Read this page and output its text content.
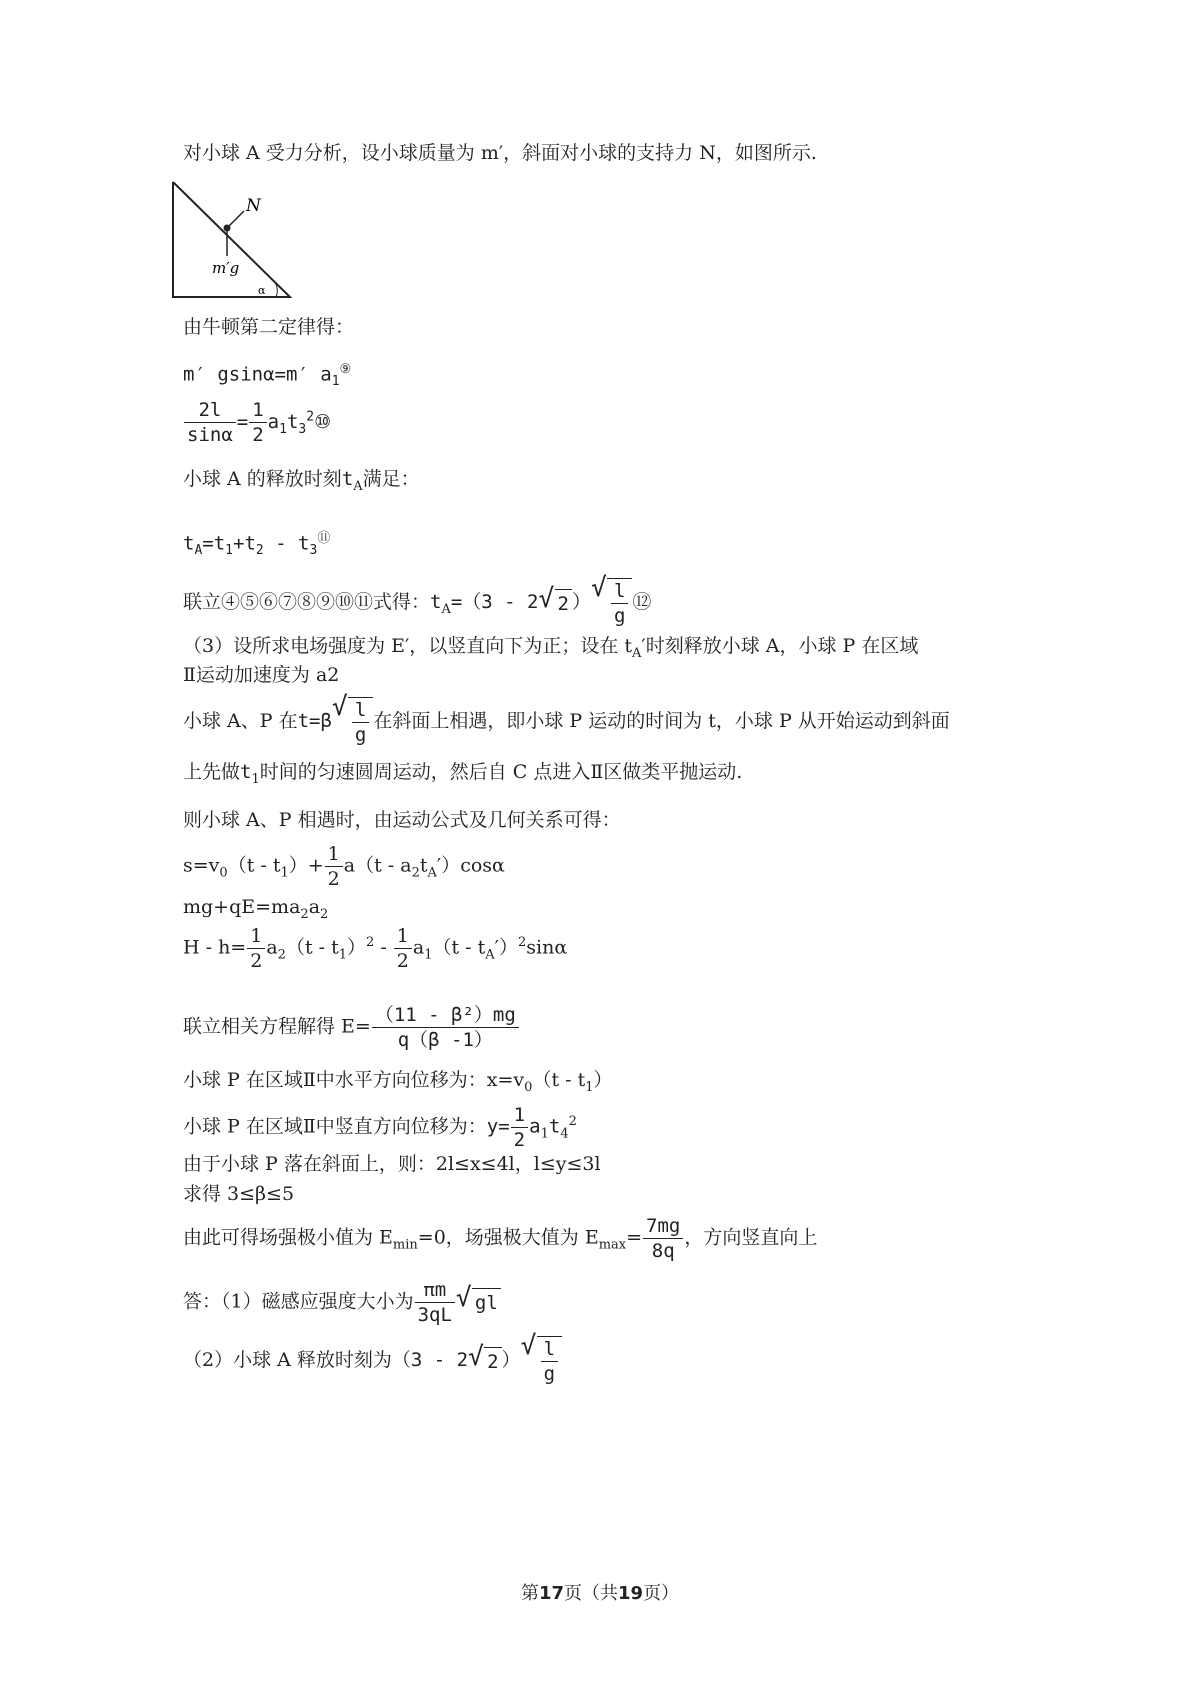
对小球 A 受力分析，设小球质量为 m′，斜面对小球的支持力 N，如图所示.
N
m′g
α
由牛顿第二定律得：
m′ gsinα=m′ $a_1^⑨$
$\frac{2l}{\sin\alpha} = \frac{1}{2}$ $a_1t_3^2⑩$
小球 A 的释放时刻$t_A$满足：
$t_A=t_1+t_2 - t_3^⑪$
联立④⑤⑥⑦⑧⑨⑩⑪式得：$t_A=(3 - 2$ √ 2 ） √ $\frac{l}{g}$ ⑫
（3）设所求电场强度为 E′，以竖直向下为正；设在 $t_A'$时刻释放小球 A，小球 P 在区域
Ⅱ运动加速度为 a2
小球 A、P 在t=β √ $\frac{l}{g}$ 在斜面上相遇，即小球 P 运动的时间为 t，小球 P 从开始运动到斜面
上先做$t_1$时间的匀速圆周运动，然后自 C 点进入Ⅱ区做类平抛运动.
则小球 A、P 相遇时，由运动公式及几何关系可得：
$s=v_0(t - t_1)+ \frac{1}{2} a(t - a_2t_A')\cos\alpha$
$mg+qE=ma_2a_2$
$H - h= \frac{1}{2} a_2(t - t_1)^2 - \frac{1}{2} a_1(t - t_A')^2\sin\alpha$
联立相关方程解得 $E= \frac{\text{（11 - β²）mg}}{q(\beta -1)}$
小球 P 在区域Ⅱ中水平方向位移为：$x=v_0(t - t_1)$
小球 P 在区域Ⅱ中竖直方向位移为：$y= \frac{1}{2} a_1t_4^2$
由于小球 P 落在斜面上，则：2l≤x≤4l，l≤y≤3l
求得 3≤β≤5
由此可得场强极小值为 $E_{min}=0$，场强极大值为 $E_{max}= \frac{7mg}{8q}$ ，方向竖直向上
答：（1）磁感应强度大小为 $\frac{\pi m}{3qL}$ √ gl
（2）小球 A 释放时刻为（3 - 2 √ 2 ） √ $\frac{l}{g}$
第17页（共19页）
